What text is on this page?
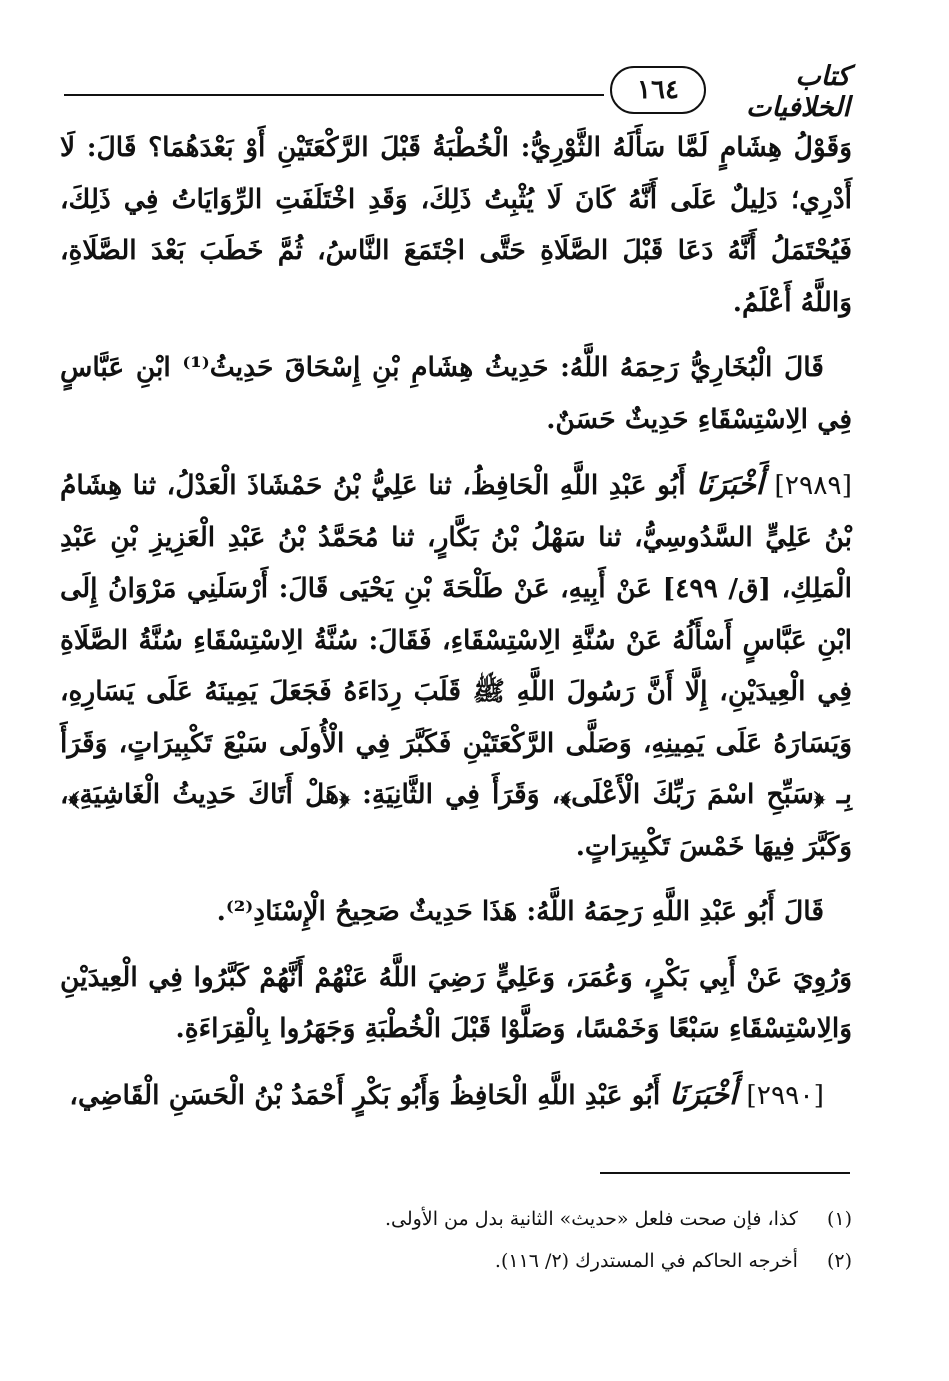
١٦٤	كتاب الخلافيات

وَقَوْلُ هِشَامٍ لَمَّا سَأَلَهُ الثَّوْرِيُّ: الْخُطْبَةُ قَبْلَ الرَّكْعَتَيْنِ أَوْ بَعْدَهُمَا؟ قَالَ: لَا أَدْرِي؛ دَلِيلٌ عَلَى أَنَّهُ كَانَ لَا يُثْبِتُ ذَلِكَ، وَقَدِ اخْتَلَفَتِ الرِّوَايَاتُ فِي ذَلِكَ، فَيُحْتَمَلُ أَنَّهُ دَعَا قَبْلَ الصَّلَاةِ حَتَّى اجْتَمَعَ النَّاسُ، ثُمَّ خَطَبَ بَعْدَ الصَّلَاةِ، وَاللَّهُ أَعْلَمُ.

قَالَ الْبُخَارِيُّ رَحِمَهُ اللَّهُ: حَدِيثُ هِشَامِ بْنِ إِسْحَاقَ حَدِيثُ⁽¹⁾ ابْنِ عَبَّاسٍ فِي الِاسْتِسْقَاءِ حَدِيثٌ حَسَنٌ.

[٢٩٨٩] أَخْبَرَنَا أَبُو عَبْدِ اللَّهِ الْحَافِظُ، ثنا عَلِيُّ بْنُ حَمْشَاذَ الْعَدْلُ، ثنا هِشَامُ بْنُ عَلِيٍّ السَّدُوسِيُّ، ثنا سَهْلُ بْنُ بَكَّارٍ، ثنا مُحَمَّدُ بْنُ عَبْدِ الْعَزِيزِ بْنِ عَبْدِ الْمَلِكِ، [ق/ ٤٩٩] عَنْ أَبِيهِ، عَنْ طَلْحَةَ بْنِ يَحْيَى قَالَ: أَرْسَلَنِي مَرْوَانُ إِلَى ابْنِ عَبَّاسٍ أَسْأَلُهُ عَنْ سُنَّةِ الِاسْتِسْقَاءِ، فَقَالَ: سُنَّةُ الِاسْتِسْقَاءِ سُنَّةُ الصَّلَاةِ فِي الْعِيدَيْنِ، إِلَّا أَنَّ رَسُولَ اللَّهِ ﷺ قَلَبَ رِدَاءَهُ فَجَعَلَ يَمِينَهُ عَلَى يَسَارِهِ، وَيَسَارَهُ عَلَى يَمِينِهِ، وَصَلَّى الرَّكْعَتَيْنِ فَكَبَّرَ فِي الْأُولَى سَبْعَ تَكْبِيرَاتٍ، وَقَرَأَ بِـ ﴿سَبِّحِ اسْمَ رَبِّكَ الْأَعْلَى﴾، وَقَرَأَ فِي الثَّانِيَةِ: ﴿هَلْ أَتَاكَ حَدِيثُ الْغَاشِيَةِ﴾، وَكَبَّرَ فِيهَا خَمْسَ تَكْبِيرَاتٍ.

قَالَ أَبُو عَبْدِ اللَّهِ رَحِمَهُ اللَّهُ: هَذَا حَدِيثٌ صَحِيحُ الْإِسْنَادِ⁽²⁾.

وَرُوِيَ عَنْ أَبِي بَكْرٍ، وَعُمَرَ، وَعَلِيٍّ رَضِيَ اللَّهُ عَنْهُمْ أَنَّهُمْ كَبَّرُوا فِي الْعِيدَيْنِ وَالِاسْتِسْقَاءِ سَبْعًا وَخَمْسًا، وَصَلَّوْا قَبْلَ الْخُطْبَةِ وَجَهَرُوا بِالْقِرَاءَةِ.

[٢٩٩٠] أَخْبَرَنَا أَبُو عَبْدِ اللَّهِ الْحَافِظُ وَأَبُو بَكْرٍ أَحْمَدُ بْنُ الْحَسَنِ الْقَاضِي،

(١) كذا، فإن صحت فلعل «حديث» الثانية بدل من الأولى.
(٢) أخرجه الحاكم في المستدرك (٢/ ١١٦).
